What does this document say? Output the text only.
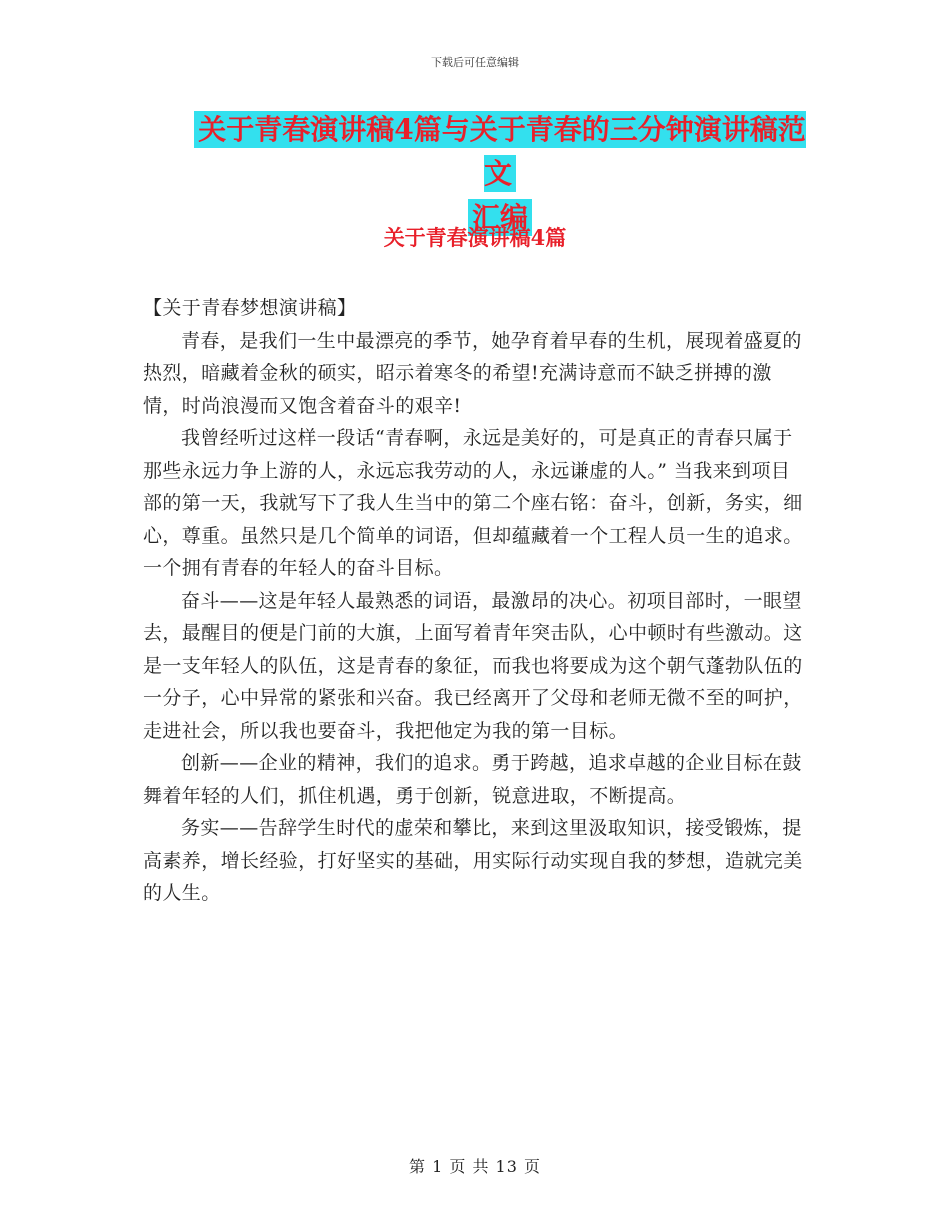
下载后可任意编辑
关于青春演讲稿4篇与关于青春的三分钟演讲稿范文
汇编
关于青春演讲稿4篇

【关于青春梦想演讲稿】

青春，是我们一生中最漂亮的季节，她孕育着早春的生机，展现着盛夏的热烈，暗藏着金秋的硕实，昭示着寒冬的希望!充满诗意而不缺乏拼搏的激情，时尚浪漫而又饱含着奋斗的艰辛!

我曾经听过这样一段话“青春啊，永远是美好的，可是真正的青春只属于那些永远力争上游的人，永远忘我劳动的人，永远谦虚的人。” 当我来到项目部的第一天，我就写下了我人生当中的第二个座右铭：奋斗，创新，务实，细心，尊重。虽然只是几个简单的词语，但却蕴藏着一个工程人员一生的追求。一个拥有青春的年轻人的奋斗目标。

奋斗——这是年轻人最熟悉的词语，最激昂的决心。初项目部时，一眼望去，最醒目的便是门前的大旗，上面写着青年突击队，心中顿时有些激动。这是一支年轻人的队伍，这是青春的象征，而我也将要成为这个朝气蓬勃队伍的一分子，心中异常的紧张和兴奋。我已经离开了父母和老师无微不至的呵护，走进社会，所以我也要奋斗，我把他定为我的第一目标。

创新——企业的精神，我们的追求。勇于跨越，追求卓越的企业目标在鼓舞着年轻的人们，抓住机遇，勇于创新，锐意进取，不断提高。

务实——告辞学生时代的虚荣和攀比，来到这里汲取知识，接受锻炼，提高素养，增长经验，打好坚实的基础，用实际行动实现自我的梦想，造就完美的人生。

第 1 页 共 13 页
